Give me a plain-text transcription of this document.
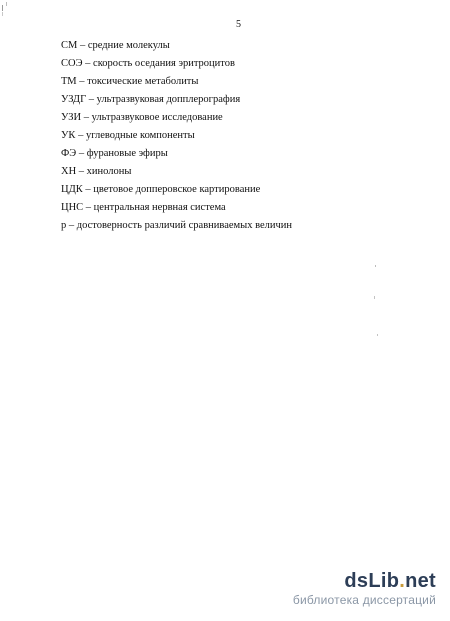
5
СМ – средние молекулы
СОЭ – скорость оседания эритроцитов
ТМ – токсические метаболиты
УЗДГ – ультразвуковая допплерография
УЗИ – ультразвуковое исследование
УК – углеводные компоненты
ФЭ – фурановые эфиры
ХН – хинолоны
ЦДК – цветовое допперовское картирование
ЦНС – центральная нервная система
р – достоверность различий сравниваемых величин
dsLib.net
библиотека диссертаций
